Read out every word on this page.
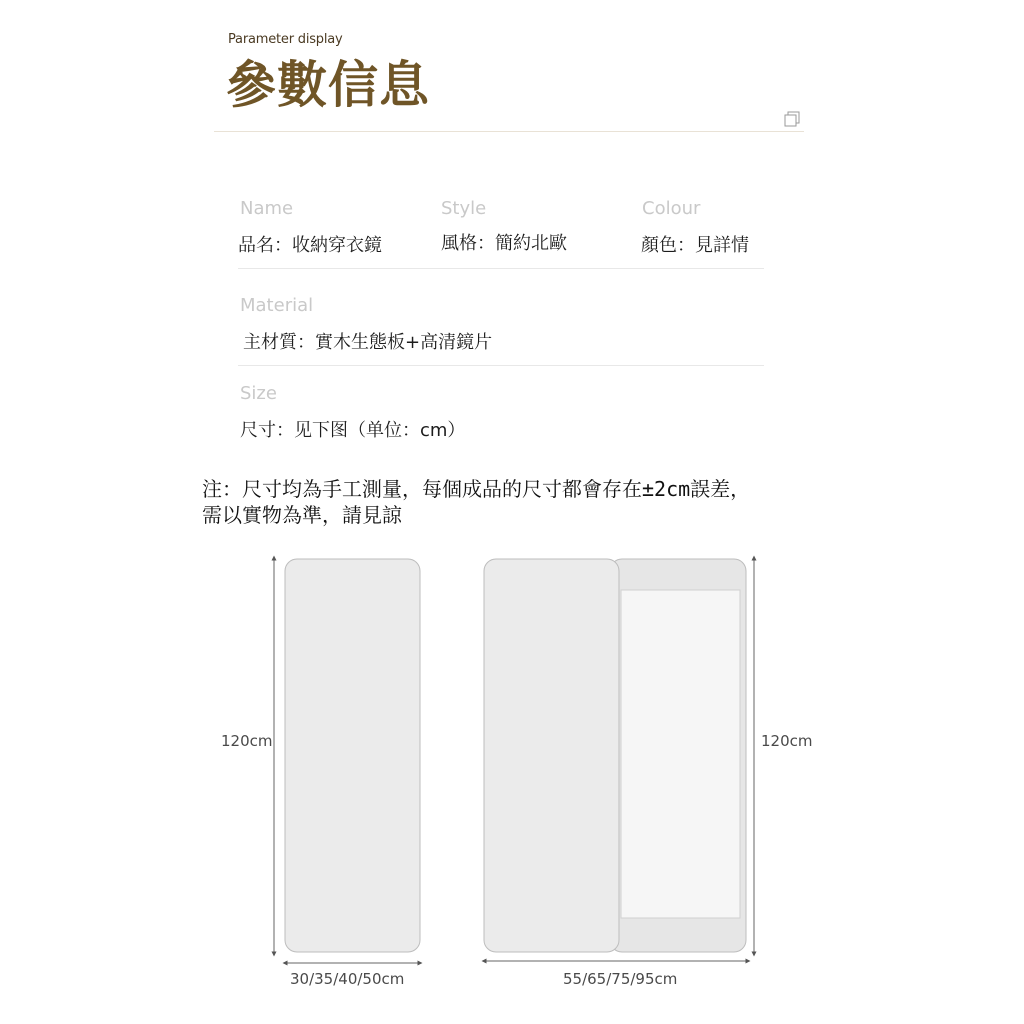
Parameter display
參數信息
Name
品名：收納穿衣鏡
Style
風格：簡約北歐
Colour
顏色：見詳情
Material
主材質：實木生態板+高清鏡片
Size
尺寸：见下图（单位：cm）
注：尺寸均為手工測量，每個成品的尺寸都會存在±2cm誤差，
需以實物為準，請見諒
120cm
30/35/40/50cm
120cm
55/65/75/95cm
